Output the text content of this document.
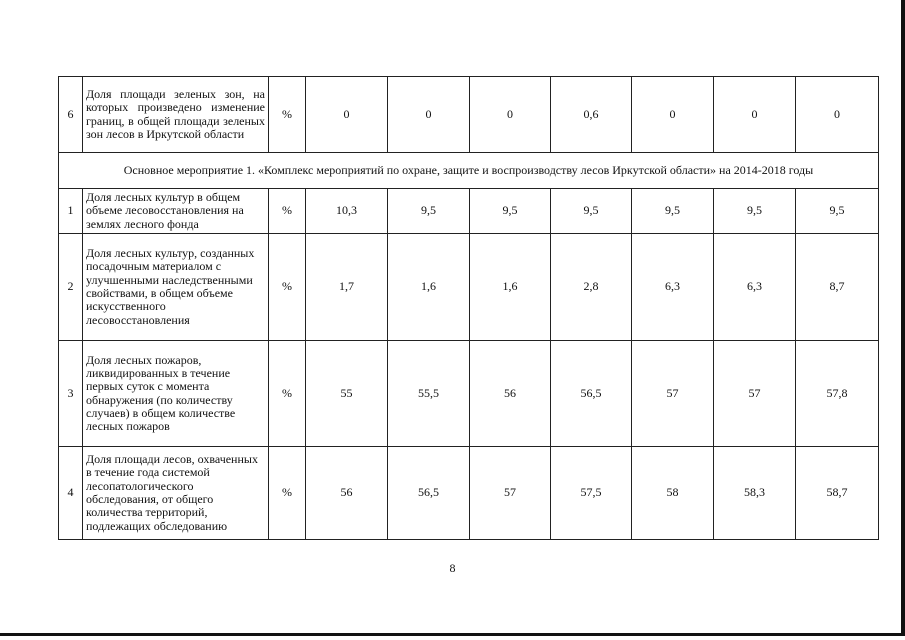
6	Доля площади зеленых зон, на которых произведено изменение границ, в общей площади зеленых зон лесов в Иркутской области	%	0	0	0	0,6	0	0	0
Основное мероприятие 1. «Комплекс мероприятий по охране, защите и воспроизводству лесов Иркутской области» на 2014-2018 годы									
1	Доля лесных культур в общем объеме лесовосстановления на землях лесного фонда	%	10,3	9,5	9,5	9,5	9,5	9,5	9,5
2	Доля лесных культур, созданных посадочным материалом с улучшенными наследственными свойствами, в общем объеме искусственного лесовосстановления	%	1,7	1,6	1,6	2,8	6,3	6,3	8,7
3	Доля лесных пожаров, ликвидированных в течение первых суток с момента обнаружения (по количеству случаев) в общем количестве лесных пожаров	%	55	55,5	56	56,5	57	57	57,8
4	Доля площади лесов, охваченных в течение года системой лесопатологического обследования, от общего количества территорий, подлежащих обследованию	%	56	56,5	57	57,5	58	58,3	58,7
8
